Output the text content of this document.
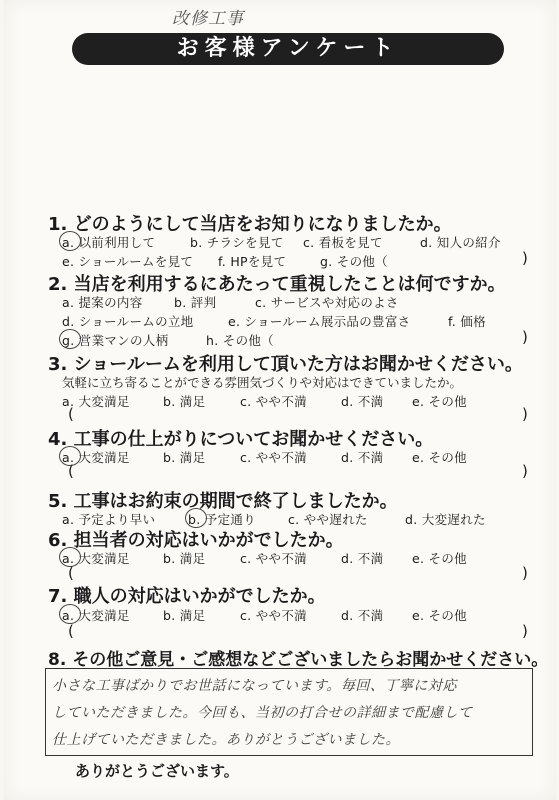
改修工事
お客様アンケート
1. どのようにして当店をお知りになりましたか。
a. 以前利用して	b. チラシを見て c. 看板を見て	d. 知人の紹介
e. ショールームを見て f. HPを見て	g. その他（	)
2. 当店を利用するにあたって重視したことは何ですか。
a. 提案の内容	b. 評判	c. サービスや対応のよさ
d. ショールームの立地	e. ショールーム展示品の豊富さ	f. 価格
g. 営業マンの人柄	h. その他（	)
3. ショールームを利用して頂いた方はお聞かせください。
気軽に立ち寄ることができる雰囲気づくりや対応はできていましたか。
a. 大変満足	b. 満足	c. やや不満	d. 不満 e. その他
(	)
4. 工事の仕上がりについてお聞かせください。
a. 大変満足	b. 満足	c. やや不満	d. 不満 e. その他
(	)
5. 工事はお約束の期間で終了しましたか。
a. 予定より早い	b. 予定通り	c. やや遅れた	d. 大変遅れた
6. 担当者の対応はいかがでしたか。
a. 大変満足	b. 満足	c. やや不満	d. 不満 e. その他
(	)
7. 職人の対応はいかがでしたか。
a. 大変満足	b. 満足	c. やや不満	d. 不満 e. その他
(	)
8. その他ご意見・ご感想などございましたらお聞かせください。
小さな工事ばかりでお世話になっています。毎回、丁寧に対応
していただきました。今回も、当初の打合せの詳細まで配慮して
仕上げていただきました。ありがとうございました。
ありがとうございます。
